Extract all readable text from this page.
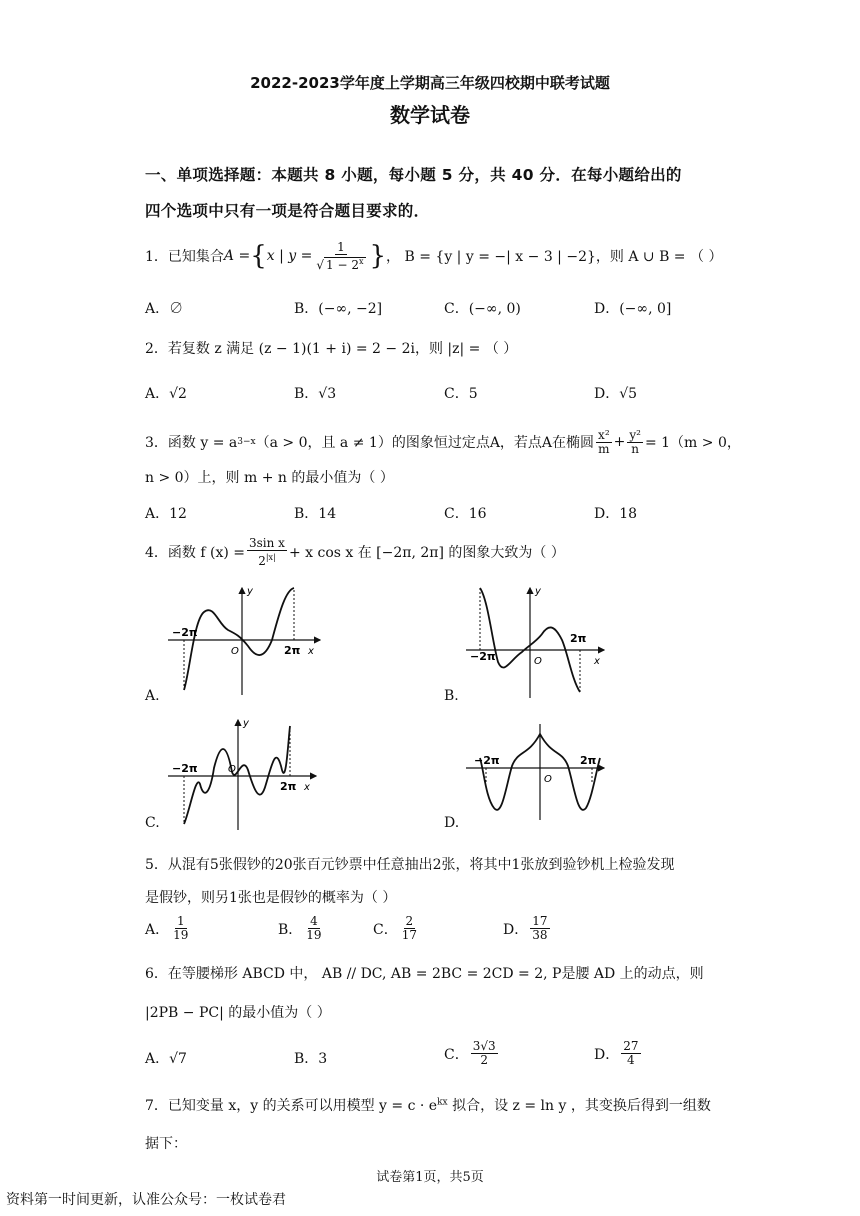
2022-2023学年度上学期高三年级四校期中联考试题
数学试卷
一、单项选择题：本题共 8 小题，每小题 5 分，共 40 分．在每小题给出的
四个选项中只有一项是符合题目要求的．
1．已知集合 A = { x | $y = \frac{1}{√ 1 - 2^x}$ } ， B = {y | y = −| x − 3 | −2}，则 A ∪ B = （ ）
A．∅	B．(−∞, −2]	C．(−∞, 0)	D．(−∞, 0]
2．若复数 z 满足 (z − 1)(1 + i) = 2 − 2i，则 |z| = （ ）
A．√2	B．√3	C．5	D．√5
3．函数 y = a 3−x （a > 0，且 a ≠ 1）的图象恒过定点A，若点A在椭圆 $\frac{\text{x²}}{m} + \frac{\text{y²}}{n} = 1(m > 0$，
n > 0）上，则 m + n 的最小值为（ ）
A．12	B．14	C．16	D．18
4．函数 f $(x) = \frac{\text{3sin x}}{2^{|x|}} + x$ cos x 在 [−2π, 2π] 的图象大致为（ ）
−2π
2π x
y
O
A.
−2π
2π
x
y
O
B.
−2π
2π x
y
O
C.
−2π	2π
O
D.
5．从混有5张假钞的20张百元钞票中任意抽出2张，将其中1张放到验钞机上检验发现
是假钞，则另1张也是假钞的概率为（ ）
A． $\frac{1}{19}$	B． $\frac{4}{19}$	C． $\frac{2}{17}$	D． $\frac{17}{38}$
6．在等腰梯形 ABCD 中， AB // DC, AB = 2BC = 2CD = 2, P是腰 AD 上的动点，则
|2PB − PC| 的最小值为（ ）
A．√7	B．3	C． $\frac{3√3}{2}$	D． $\frac{27}{4}$
7．已知变量 x，y 的关系可以用模型 $y = c \cdot e^{kx}$ 拟合，设 z = ln y ，其变换后得到一组数
据下：
试卷第1页，共5页
资料第一时间更新，认准公众号：一枚试卷君
